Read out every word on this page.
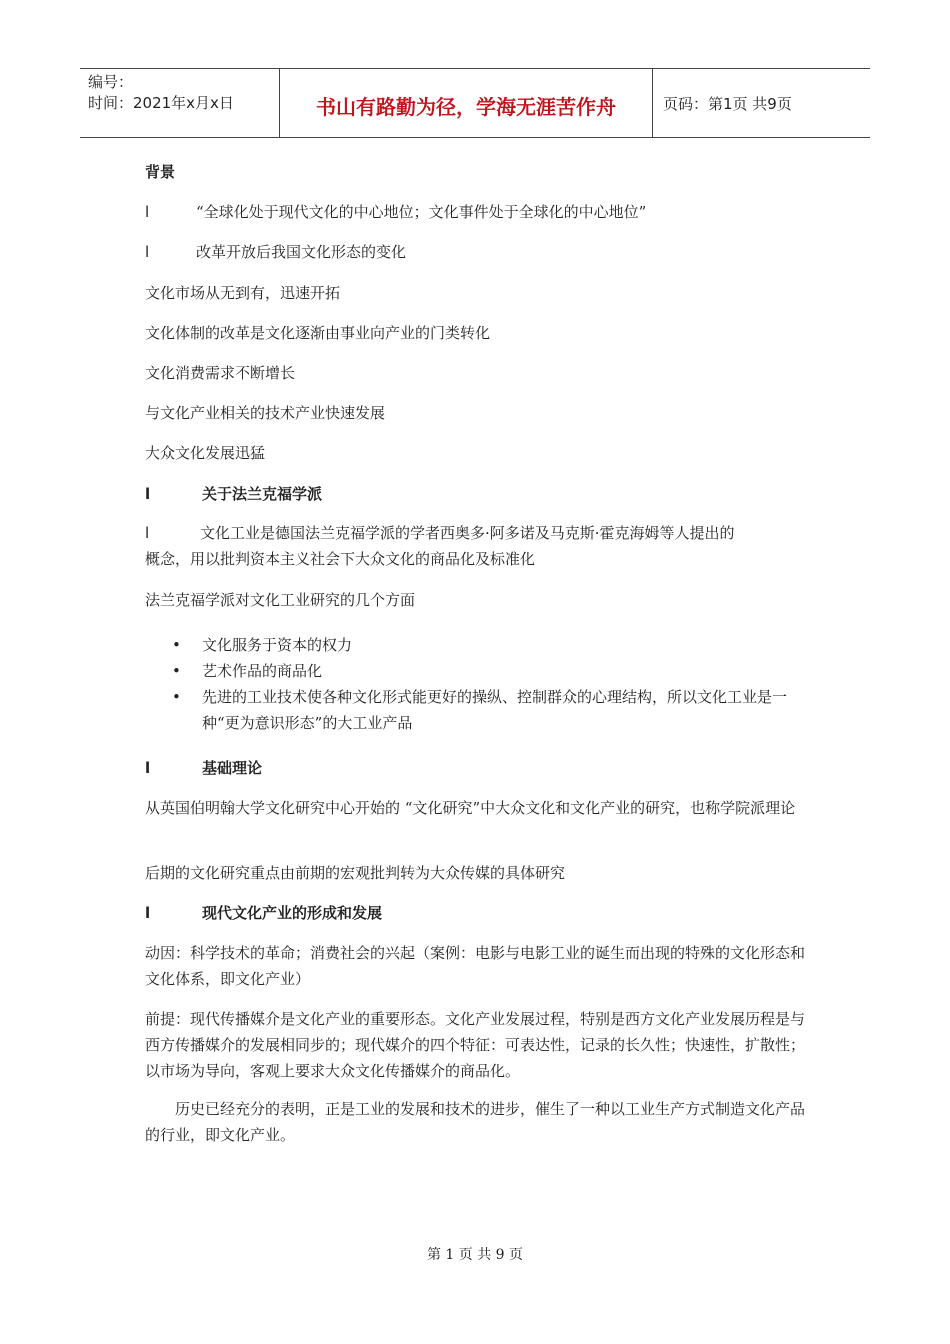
编号：
时间：2021年x月x日	书山有路勤为径，学海无涯苦作舟	页码：第1页 共9页
背景
l	“全球化处于现代文化的中心地位；文化事件处于全球化的中心地位”
l	改革开放后我国文化形态的变化
文化市场从无到有，迅速开拓
文化体制的改革是文化逐渐由事业向产业的门类转化
文化消费需求不断增长
与文化产业相关的技术产业快速发展
大众文化发展迅猛
l	关于法兰克福学派
l	文化工业是德国法兰克福学派的学者西奥多·阿多诺及马克斯·霍克海姆等人提出的
概念，用以批判资本主义社会下大众文化的商品化及标准化
法兰克福学派对文化工业研究的几个方面
• 文化服务于资本的权力
• 艺术作品的商品化
• 先进的工业技术使各种文化形式能更好的操纵、控制群众的心理结构，所以文化工业是一种“更为意识形态”的大工业产品
l	基础理论
从英国伯明翰大学文化研究中心开始的 “文化研究”中大众文化和文化产业的研究，也称学院派理论
后期的文化研究重点由前期的宏观批判转为大众传媒的具体研究
l	现代文化产业的形成和发展
动因：科学技术的革命；消费社会的兴起（案例：电影与电影工业的诞生而出现的特殊的文化形态和文化体系，即文化产业）
前提：现代传播媒介是文化产业的重要形态。文化产业发展过程，特别是西方文化产业发展历程是与西方传播媒介的发展相同步的；现代媒介的四个特征：可表达性，记录的长久性；快速性，扩散性；以市场为导向，客观上要求大众文化传播媒介的商品化。
历史已经充分的表明，正是工业的发展和技术的进步，催生了一种以工业生产方式制造文化产品的行业，即文化产业。
第 1 页 共 9 页
